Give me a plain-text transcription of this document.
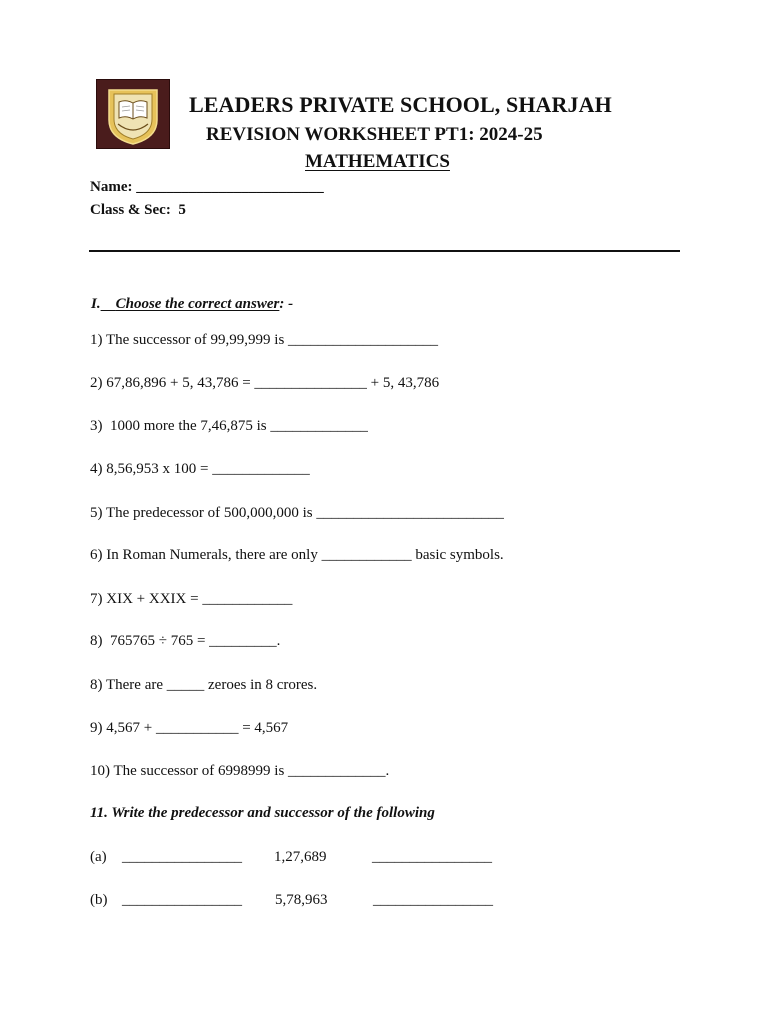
LEADERS PRIVATE SCHOOL, SHARJAH
REVISION WORKSHEET PT1: 2024-25
MATHEMATICS
Name: _________________________
Class & Sec:  5
I. Choose the correct answer: -
1) The successor of 99,99,999 is ____________________
2) 67,86,896 + 5, 43,786 = _______________ + 5, 43,786
3)  1000 more the 7,46,875 is _____________
4) 8,56,953 x 100 = _____________
5) The predecessor of 500,000,000 is _________________________
6) In Roman Numerals, there are only ____________ basic symbols.
7) XIX + XXIX = ____________
8)  765765 ÷ 765 = _________.
8) There are _____ zeroes in 8 crores.
9) 4,567 + ___________ = 4,567
10) The successor of 6998999 is _____________.
11. Write the predecessor and successor of the following
(a) ________________ 1,27,689	________________
(b) ________________ 5,78,963	________________
